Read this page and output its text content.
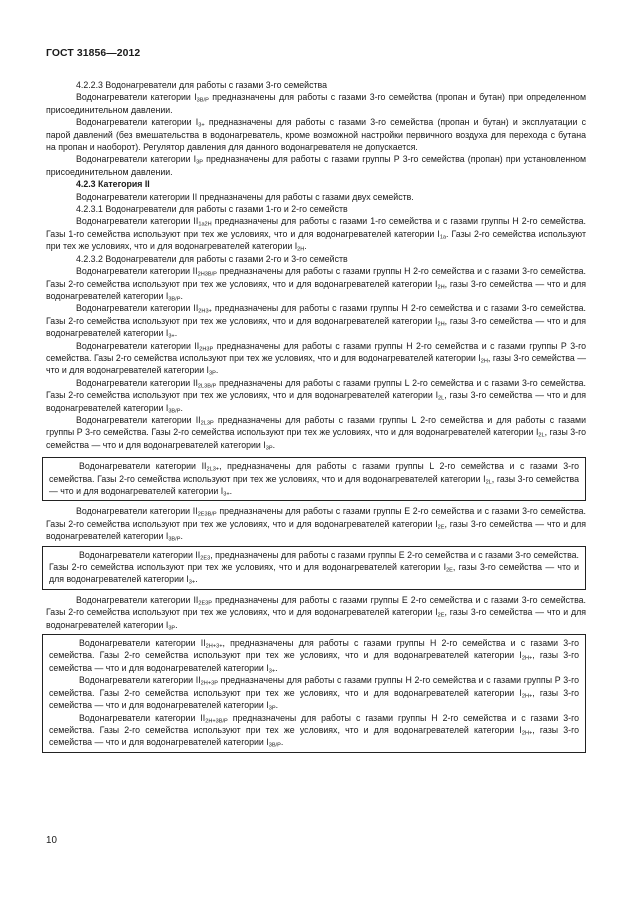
ГОСТ 31856—2012

4.2.2.3 Водонагреватели для работы с газами 3-го семейства

Водонагреватели категории $I_{3B/P}$ предназначены для работы с газами 3-го семейства (пропан и бутан) при определенном присоединительном давлении.

Водонагреватели категории $I_{3+}$ предназначены для работы с газами 3-го семейства (пропан и бутан) и эксплуатации с парой давлений (без вмешательства в водонагреватель, кроме возможной настройки первичного воздуха для перехода с бутана на пропан и наоборот). Регулятор давления для данного водонагревателя не допускается.

Водонагреватели категории $I_{3P}$ предназначены для работы с газами группы Р 3-го семейства (пропан) при установленном присоединительном давлении.

4.2.3 Категория II

Водонагреватели категории II предназначены для работы с газами двух семейств.

4.2.3.1 Водонагреватели для работы с газами 1-го и 2-го семейств

Водонагреватели категории $II_{1a2H}$ предназначены для работы с газами 1-го семейства и с газами группы Н 2-го семейства. Газы 1-го семейства используют при тех же условиях, что и для водонагревателей категории $I_{1a}$. Газы 2-го семейства используют при тех же условиях, что и для водонагревателей категории $I_{2H}$.

4.2.3.2 Водонагреватели для работы с газами 2-го и 3-го семейств

Водонагреватели категории $II_{2H3B/P}$ предназначены для работы с газами группы Н 2-го семейства и с газами 3-го семейства. Газы 2-го семейства используют при тех же условиях, что и для водонагревателей категории $I_{2H}$, газы 3-го семейства — что и для водонагревателей категории $I_{3B/P}$.

Водонагреватели категории $II_{2H3+}$ предназначены для работы с газами группы Н 2-го семейства и с газами 3-го семейства. Газы 2-го семейства используют при тех же условиях, что и для водонагревателей категории $I_{2H}$, газы 3-го семейства — что и для водонагревателей категории $I_{3+}$.

Водонагреватели категории $II_{2H3P}$ предназначены для работы с газами группы Н 2-го семейства и с газами группы Р 3-го семейства. Газы 2-го семейства используют при тех же условиях, что и для водонагревателей категории $I_{2H}$, газы 3-го семейства — что и для водонагревателей категории $I_{3P}$.

Водонагреватели категории $II_{2L3B/P}$ предназначены для работы с газами группы L 2-го семейства и с газами 3-го семейства. Газы 2-го семейства используют при тех же условиях, что и для водонагревателей категории $I_{2L}$, газы 3-го семейства — что и для водонагревателей категории $I_{3B/P}$.

Водонагреватели категории $II_{2L3P}$ предназначены для работы с газами группы L 2-го семейства и для работы с газами группы Р 3-го семейства. Газы 2-го семейства используют при тех же условиях, что и для водонагревателей категории $I_{2L}$, газы 3-го семейства — что и для водонагревателей категории $I_{3P}$.

Водонагреватели категории $II_{2L3+}$, предназначены для работы с газами группы L 2-го семейства и с газами 3-го семейства. Газы 2-го семейства используют при тех же условиях, что и для водонагревателей категории $I_{2L}$, газы 3-го семейства — что и для водонагревателей категории $I_{3+}$.

Водонагреватели категории $II_{2E3B/P}$ предназначены для работы с газами группы Е 2-го семейства и с газами 3-го семейства. Газы 2-го семейства используют при тех же условиях, что и для водонагревателей категории $I_{2E}$, газы 3-го семейства — что и для водонагревателей категории $I_{3B/P}$.

Водонагреватели категории $II_{2E3}$, предназначены для работы с газами группы Е 2-го семейства и с газами 3-го семейства. Газы 2-го семейства используют при тех же условиях, что и для водонагревателей категории $I_{2E}$, газы 3-го семейства — что и для водонагревателей категории $I_{3+}$.

Водонагреватели категории $II_{2E3P}$ предназначены для работы с газами группы Е 2-го семейства и с газами 3-го семейства. Газы 2-го семейства используют при тех же условиях, что и для водонагревателей категории $I_{2E}$, газы 3-го семейства — что и для водонагревателей категории $I_{3P}$.

Водонагреватели категории $II_{2H+3+}$, предназначены для работы с газами группы Н 2-го семейства и с газами 3-го семейства. Газы 2-го семейства используют при тех же условиях, что и для водонагревателей категории $I_{2H+}$, газы 3-го семейства — что и для водонагревателей категории $I_{3+}$.

Водонагреватели категории $II_{2H+3P}$ предназначены для работы с газами группы Н 2-го семейства и с газами группы Р 3-го семейства. Газы 2-го семейства используют при тех же условиях, что и для водонагревателей категории $I_{2H+}$, газы 3-го семейства — что и для водонагревателей категории $I_{3P}$.

Водонагреватели категории $II_{2H+3B/P}$ предназначены для работы с газами группы Н 2-го семейства и с газами 3-го семейства. Газы 2-го семейства используют при тех же условиях, что и для водонагревателей категории $I_{2H+}$, газы 3-го семейства — что и для водонагревателей категории $I_{3B/P}$.

10
